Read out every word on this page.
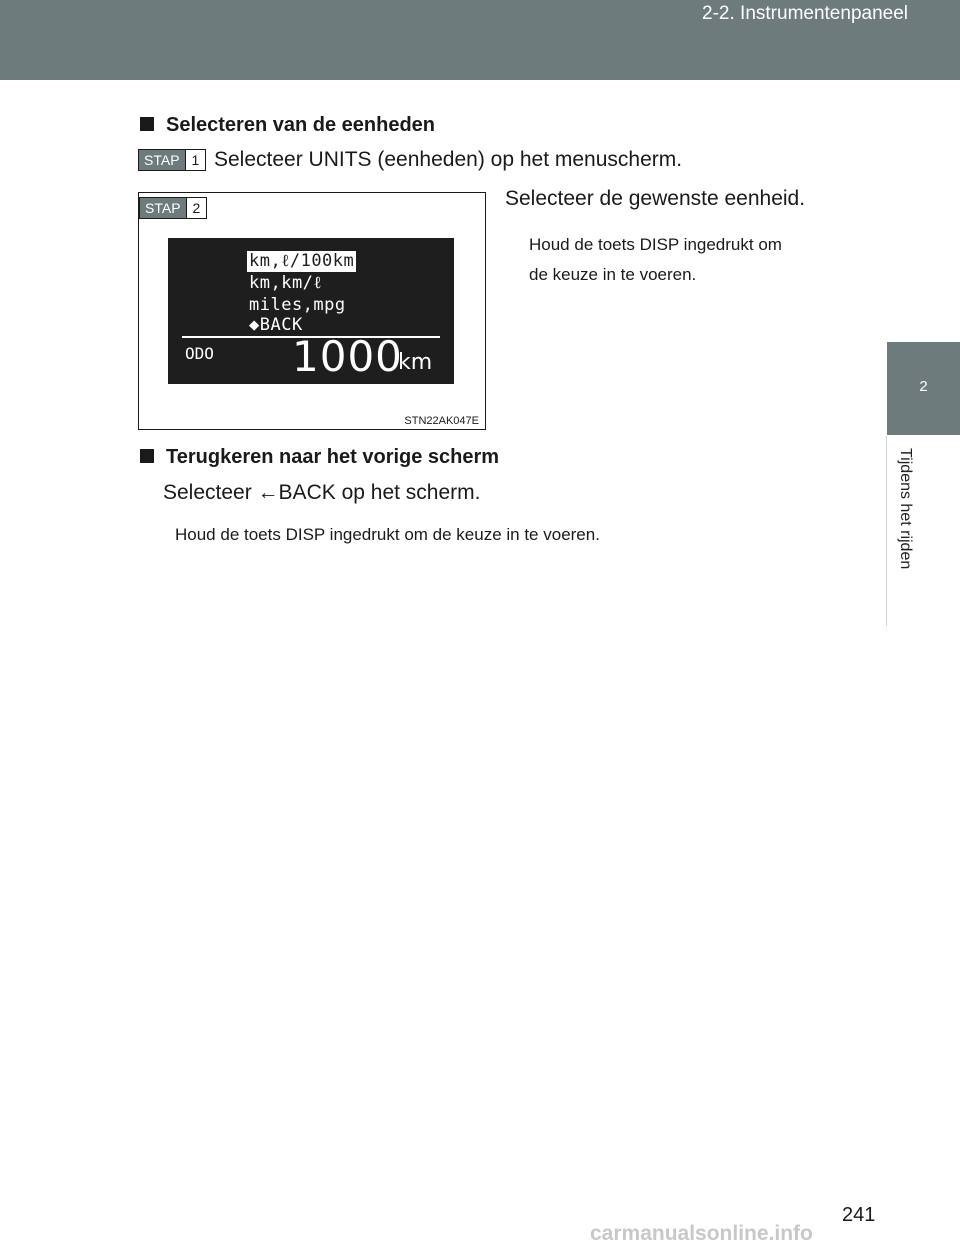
2-2. Instrumentenpaneel
2
Tijdens het rijden
Selecteren van de eenheden
STAP 1 Selecteer UNITS (eenheden) op het menuscherm.
Selecteer de gewenste eenheid.
Houd de toets DISP ingedrukt om
de keuze in te voeren.
STAP 2
km,ℓ/100km
km,km/ℓ
miles,mpg
◆BACK
ODO 1000
km
STN22AK047E
Terugkeren naar het vorige scherm
Selecteer ←BACK op het scherm.
Houd de toets DISP ingedrukt om de keuze in te voeren.
241
carmanualsonline.info
